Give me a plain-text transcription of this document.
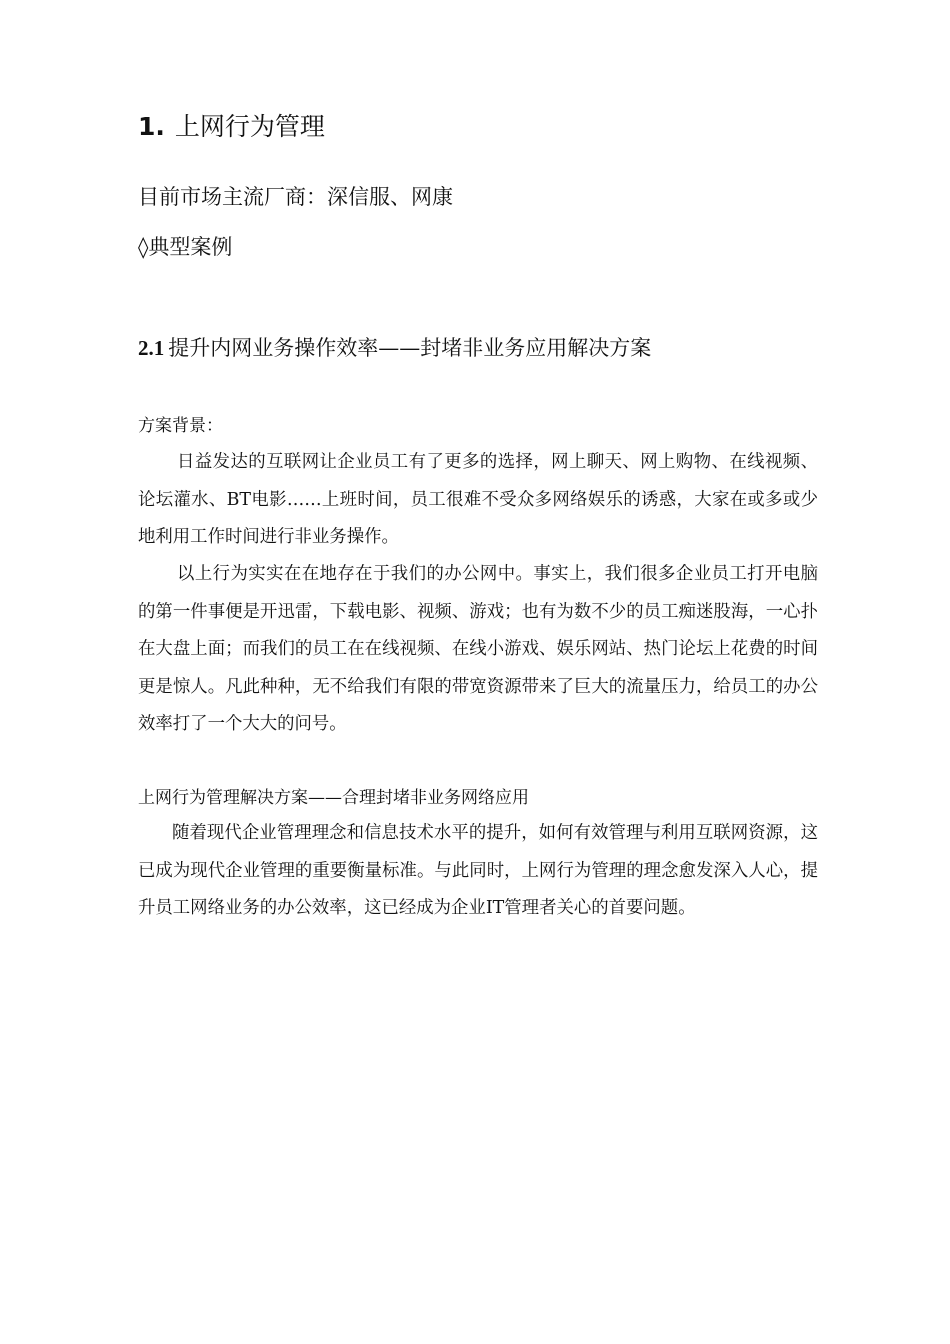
1. 上网行为管理
目前市场主流厂商：深信服、网康
◊典型案例
2.1 提升内网业务操作效率——封堵非业务应用解决方案
方案背景：

日益发达的互联网让企业员工有了更多的选择，网上聊天、网上购物、在线视频、论坛灌水、BT电影……上班时间，员工很难不受众多网络娱乐的诱惑，大家在或多或少地利用工作时间进行非业务操作。

以上行为实实在在地存在于我们的办公网中。事实上，我们很多企业员工打开电脑的第一件事便是开迅雷，下载电影、视频、游戏；也有为数不少的员工痴迷股海，一心扑在大盘上面；而我们的员工在在线视频、在线小游戏、娱乐网站、热门论坛上花费的时间更是惊人。凡此种种，无不给我们有限的带宽资源带来了巨大的流量压力，给员工的办公效率打了一个大大的问号。

上网行为管理解决方案——合理封堵非业务网络应用

随着现代企业管理理念和信息技术水平的提升，如何有效管理与利用互联网资源，这已成为现代企业管理的重要衡量标准。与此同时，上网行为管理的理念愈发深入人心，提升员工网络业务的办公效率，这已经成为企业IT管理者关心的首要问题。
